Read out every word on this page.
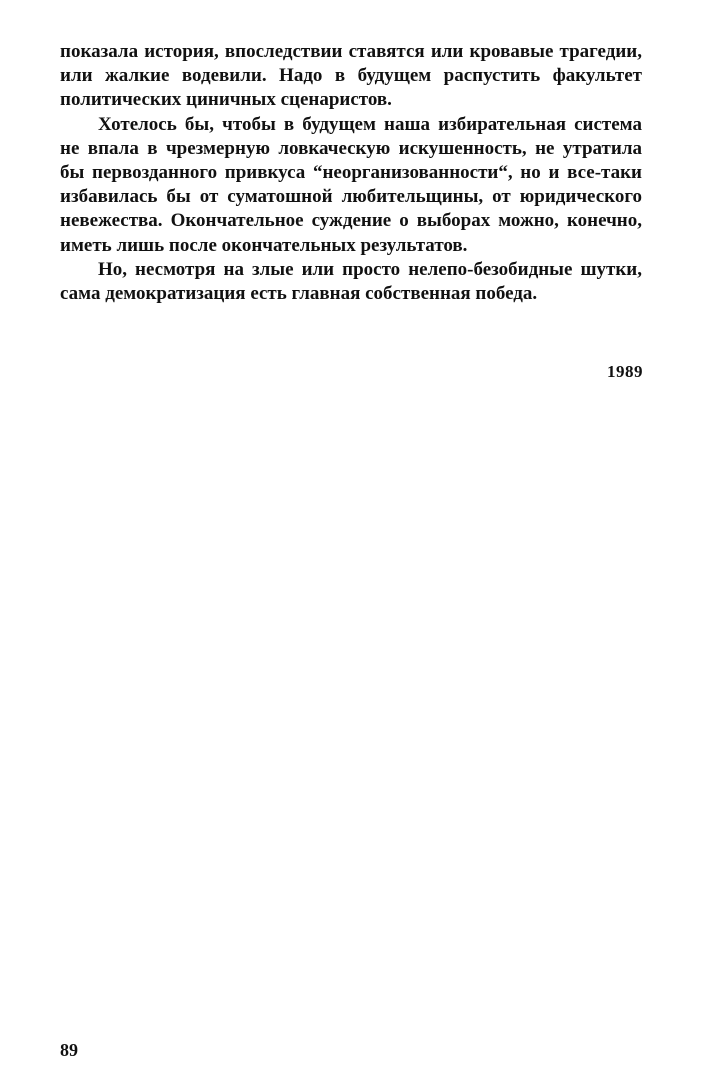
показала история, впоследствии ставятся или кровавые трагедии, или жалкие водевили. Надо в будущем распустить факультет политических циничных сценаристов.

Хотелось бы, чтобы в будущем наша избирательная система не впала в чрезмерную ловкаческую искушенность, не утратила бы первозданного привкуса “неорганизованности“, но и все-таки избавилась бы от суматошной любительщины, от юридического невежества. Окончательное суждение о выборах можно, конечно, иметь лишь после окончательных результатов.

Но, несмотря на злые или просто нелепо-безобидные шутки, сама демократизация есть главная собственная победа.

1989
89
